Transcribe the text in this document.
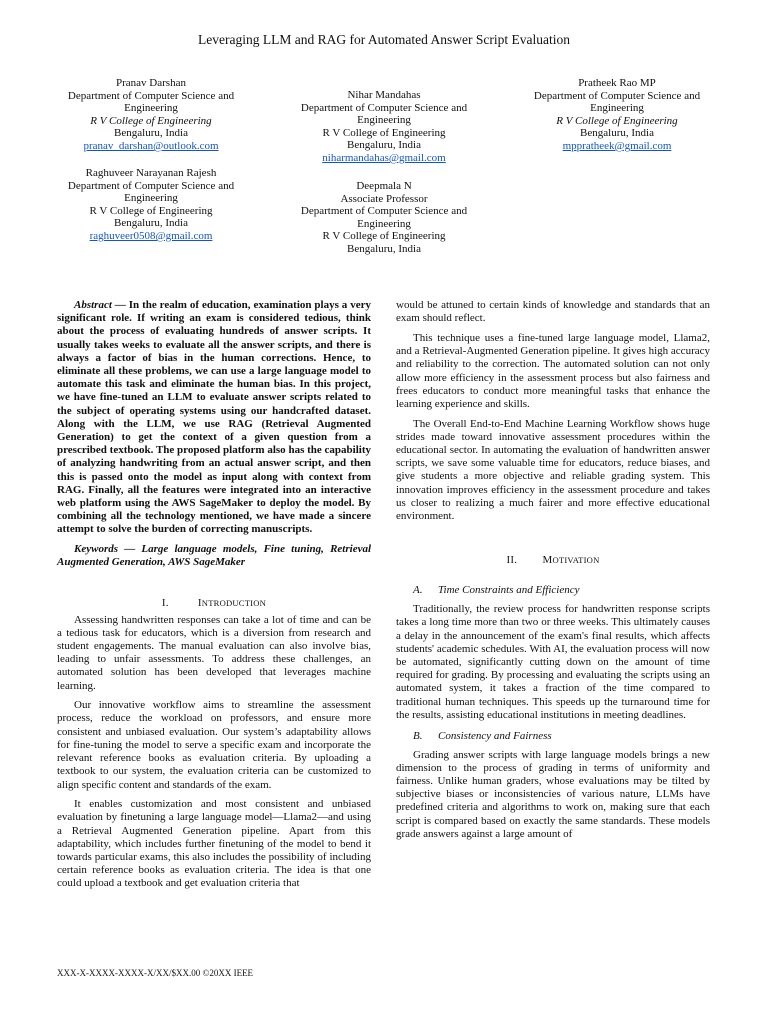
Leveraging LLM and RAG for Automated Answer Script Evaluation
Pranav Darshan
Department of Computer Science and Engineering
R V College of Engineering
Bengaluru, India
pranav_darshan@outlook.com
Nihar Mandahas
Department of Computer Science and Engineering
R V College of Engineering
Bengaluru, India
niharmandahas@gmail.com
Pratheek Rao MP
Department of Computer Science and Engineering
R V College of Engineering
Bengaluru, India
mppratheek@gmail.com
Raghuveer Narayanan Rajesh
Department of Computer Science and Engineering
R V College of Engineering
Bengaluru, India
raghuveer0508@gmail.com
Deepmala N
Associate Professor
Department of Computer Science and Engineering
R V College of Engineering
Bengaluru, India

Abstract — In the realm of education, examination plays a very significant role. If writing an exam is considered tedious, think about the process of evaluating hundreds of answer scripts. It usually takes weeks to evaluate all the answer scripts, and there is always a factor of bias in the human corrections. Hence, to eliminate all these problems, we can use a large language model to automate this task and eliminate the human bias. In this project, we have fine-tuned an LLM to evaluate answer scripts related to the subject of operating systems using our handcrafted dataset. Along with the LLM, we use RAG (Retrieval Augmented Generation) to get the context of a given question from a prescribed textbook. The proposed platform also has the capability of analyzing handwriting from an actual answer script, and then this is passed onto the model as input along with context from RAG. Finally, all the features were integrated into an interactive web platform using the AWS SageMaker to deploy the model. By combining all the technology mentioned, we have made a sincere attempt to solve the burden of correcting manuscripts.

Keywords — Large language models, Fine tuning, Retrieval Augmented Generation, AWS SageMaker

I.	INTRODUCTION

Assessing handwritten responses can take a lot of time and can be a tedious task for educators, which is a diversion from research and student engagements. The manual evaluation can also involve bias, leading to unfair assessments. To address these challenges, an automated solution has been developed that leverages machine learning.

Our innovative workflow aims to streamline the assessment process, reduce the workload on professors, and ensure more consistent and unbiased evaluation. Our system’s adaptability allows for fine-tuning the model to serve a specific exam and incorporate the relevant reference books as evaluation criteria. By uploading a textbook to our system, the evaluation criteria can be customized to align specific content and standards of the exam.

It enables customization and most consistent and unbiased evaluation by finetuning a large language model—Llama2—and using a Retrieval Augmented Generation pipeline. Apart from this adaptability, which includes further finetuning of the model to bend it towards particular exams, this also includes the possibility of including certain reference books as evaluation criteria. The idea is that one could upload a textbook and get evaluation criteria that

would be attuned to certain kinds of knowledge and standards that an exam should reflect.

This technique uses a fine-tuned large language model, Llama2, and a Retrieval-Augmented Generation pipeline. It gives high accuracy and reliability to the correction. The automated solution can not only allow more efficiency in the assessment process but also fairness and frees educators to conduct more meaningful tasks that enhance the learning experience and skills.

The Overall End-to-End Machine Learning Workflow shows huge strides made toward innovative assessment procedures within the educational sector. In automating the evaluation of handwritten answer scripts, we save some valuable time for educators, reduce biases, and give students a more objective and reliable grading system. This innovation improves efficiency in the assessment procedure and takes us closer to realizing a much fairer and more effective educational environment.

II. MOTIVATION
A. Time Constraints and Efficiency

Traditionally, the review process for handwritten response scripts takes a long time more than two or three weeks. This ultimately causes a delay in the announcement of the exam's final results, which affects students' academic schedules. With AI, the evaluation process will now be automated, significantly cutting down on the amount of time required for grading. By processing and evaluating the scripts using an automated system, it takes a fraction of the time compared to traditional human techniques. This speeds up the turnaround time for the results, assisting educational institutions in meeting deadlines.

B. Consistency and Fairness

Grading answer scripts with large language models brings a new dimension to the process of grading in terms of uniformity and fairness. Unlike human graders, whose evaluations may be tilted by subjective biases or inconsistencies of various nature, LLMs have predefined criteria and algorithms to work on, making sure that each script is compared based on exactly the same standards. These models grade answers against a large amount of

XXX-X-XXXX-XXXX-X/XX/$XX.00 ©20XX IEEE
